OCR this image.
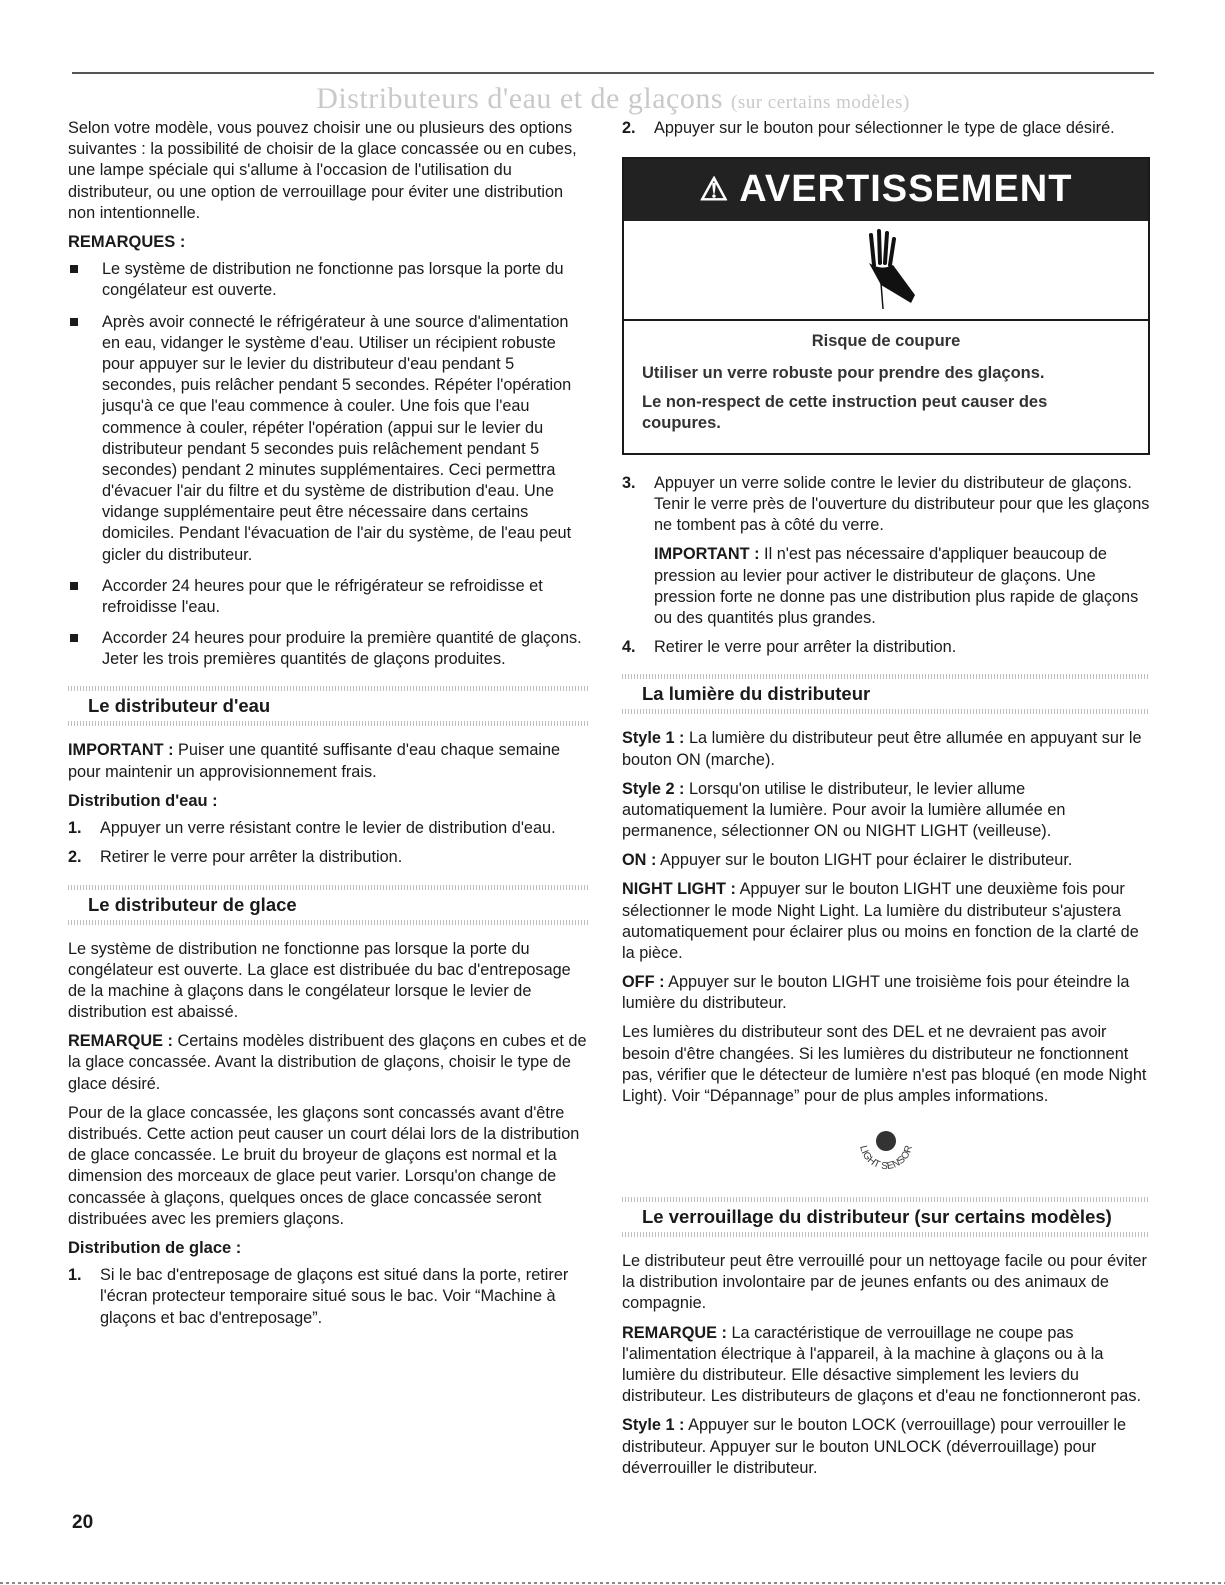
Distributeurs d'eau et de glaçons (sur certains modèles)

Selon votre modèle, vous pouvez choisir une ou plusieurs des options suivantes : la possibilité de choisir de la glace concassée ou en cubes, une lampe spéciale qui s'allume à l'occasion de l'utilisation du distributeur, ou une option de verrouillage pour éviter une distribution non intentionnelle.

REMARQUES :
Le système de distribution ne fonctionne pas lorsque la porte du congélateur est ouverte.
Après avoir connecté le réfrigérateur à une source d'alimentation en eau, vidanger le système d'eau. Utiliser un récipient robuste pour appuyer sur le levier du distributeur d'eau pendant 5 secondes, puis relâcher pendant 5 secondes. Répéter l'opération jusqu'à ce que l'eau commence à couler. Une fois que l'eau commence à couler, répéter l'opération (appui sur le levier du distributeur pendant 5 secondes puis relâchement pendant 5 secondes) pendant 2 minutes supplémentaires. Ceci permettra d'évacuer l'air du filtre et du système de distribution d'eau. Une vidange supplémentaire peut être nécessaire dans certains domiciles. Pendant l'évacuation de l'air du système, de l'eau peut gicler du distributeur.
Accorder 24 heures pour que le réfrigérateur se refroidisse et refroidisse l'eau.
Accorder 24 heures pour produire la première quantité de glaçons. Jeter les trois premières quantités de glaçons produites.
Le distributeur d'eau

IMPORTANT : Puiser une quantité suffisante d'eau chaque semaine pour maintenir un approvisionnement frais.

Distribution d'eau :
1. Appuyer un verre résistant contre le levier de distribution d'eau.
2. Retirer le verre pour arrêter la distribution.
Le distributeur de glace

Le système de distribution ne fonctionne pas lorsque la porte du congélateur est ouverte. La glace est distribuée du bac d'entreposage de la machine à glaçons dans le congélateur lorsque le levier de distribution est abaissé.

REMARQUE : Certains modèles distribuent des glaçons en cubes et de la glace concassée. Avant la distribution de glaçons, choisir le type de glace désiré.

Pour de la glace concassée, les glaçons sont concassés avant d'être distribués. Cette action peut causer un court délai lors de la distribution de glace concassée. Le bruit du broyeur de glaçons est normal et la dimension des morceaux de glace peut varier. Lorsqu'on change de concassée à glaçons, quelques onces de glace concassée seront distribuées avec les premiers glaçons.

Distribution de glace :
1. Si le bac d'entreposage de glaçons est situé dans la porte, retirer l'écran protecteur temporaire situé sous le bac. Voir “Machine à glaçons et bac d'entreposage”.
2. Appuyer sur le bouton pour sélectionner le type de glace désiré.
⚠ AVERTISSEMENT
Risque de coupure

Utiliser un verre robuste pour prendre des glaçons.

Le non-respect de cette instruction peut causer des coupures.

3. Appuyer un verre solide contre le levier du distributeur de glaçons. Tenir le verre près de l'ouverture du distributeur pour que les glaçons ne tombent pas à côté du verre.

IMPORTANT : Il n'est pas nécessaire d'appliquer beaucoup de pression au levier pour activer le distributeur de glaçons. Une pression forte ne donne pas une distribution plus rapide de glaçons ou des quantités plus grandes.

4. Retirer le verre pour arrêter la distribution.
La lumière du distributeur

Style 1 : La lumière du distributeur peut être allumée en appuyant sur le bouton ON (marche).

Style 2 : Lorsqu'on utilise le distributeur, le levier allume automatiquement la lumière. Pour avoir la lumière allumée en permanence, sélectionner ON ou NIGHT LIGHT (veilleuse).

ON : Appuyer sur le bouton LIGHT pour éclairer le distributeur.

NIGHT LIGHT : Appuyer sur le bouton LIGHT une deuxième fois pour sélectionner le mode Night Light. La lumière du distributeur s'ajustera automatiquement pour éclairer plus ou moins en fonction de la clarté de la pièce.

OFF : Appuyer sur le bouton LIGHT une troisième fois pour éteindre la lumière du distributeur.

Les lumières du distributeur sont des DEL et ne devraient pas avoir besoin d'être changées. Si les lumières du distributeur ne fonctionnent pas, vérifier que le détecteur de lumière n'est pas bloqué (en mode Night Light). Voir “Dépannage” pour de plus amples informations.

LIGHT SENSOR
Le verrouillage du distributeur (sur certains modèles)

Le distributeur peut être verrouillé pour un nettoyage facile ou pour éviter la distribution involontaire par de jeunes enfants ou des animaux de compagnie.

REMARQUE : La caractéristique de verrouillage ne coupe pas l'alimentation électrique à l'appareil, à la machine à glaçons ou à la lumière du distributeur. Elle désactive simplement les leviers du distributeur. Les distributeurs de glaçons et d'eau ne fonctionneront pas.

Style 1 : Appuyer sur le bouton LOCK (verrouillage) pour verrouiller le distributeur. Appuyer sur le bouton UNLOCK (déverrouillage) pour déverrouiller le distributeur.

20
